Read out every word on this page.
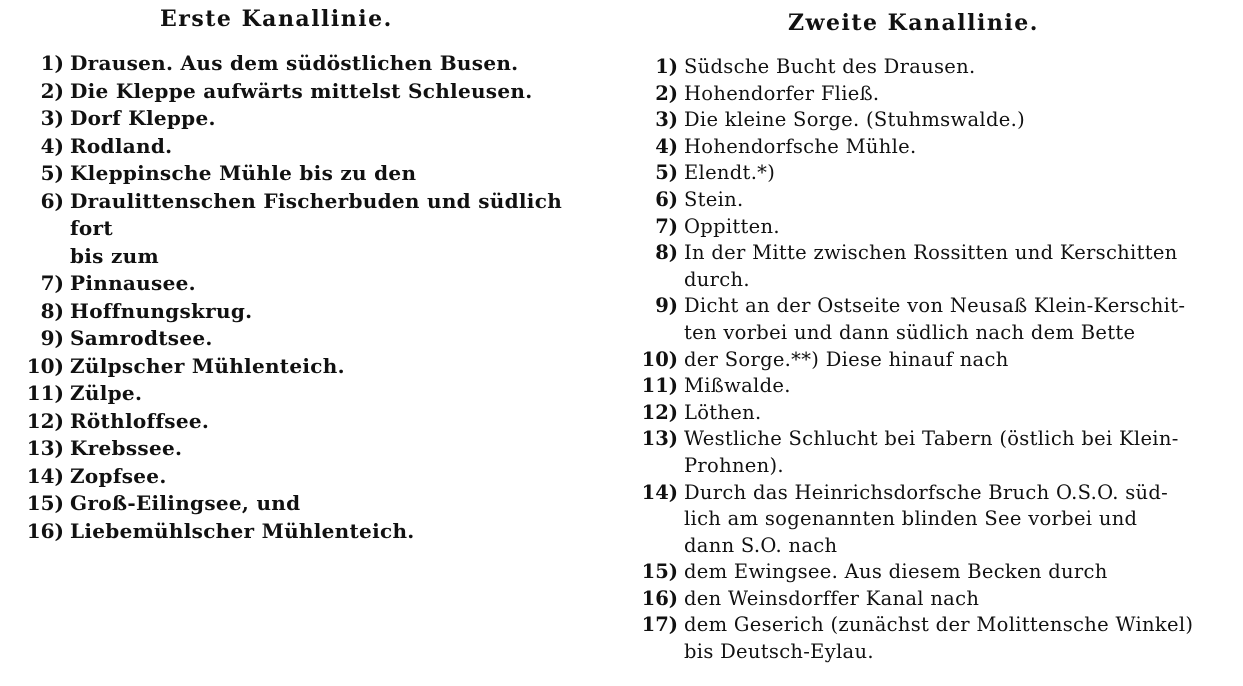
Erste Kanallinie.
1) Drausen. Aus dem südöstlichen Busen.
2) Die Kleppe aufwärts mittelst Schleusen.
3) Dorf Kleppe.
4) Rodland.
5) Kleppinsche Mühle bis zu den
6) Draulittenschen Fischerbuden und südlich fort
bis zum
7) Pinnausee.
8) Hoffnungskrug.
9) Samrodtsee.
10) Zülpscher Mühlenteich.
11) Zülpe.
12) Röthloffsee.
13) Krebssee.
14) Zopfsee.
15) Groß-Eilingsee, und
16) Liebemühlscher Mühlenteich.
Zweite Kanallinie.
1) Südsche Bucht des Drausen.
2) Hohendorfer Fließ.
3) Die kleine Sorge. (Stuhmswalde.)
4) Hohendorfsche Mühle.
5) Elendt.*)
6) Stein.
7) Oppitten.
8) In der Mitte zwischen Rossitten und Kerschitten
durch.
9) Dicht an der Ostseite von Neusaß Klein-Kerschit-
ten vorbei und dann südlich nach dem Bette
10) der Sorge.**) Diese hinauf nach
11) Mißwalde.
12) Löthen.
13) Westliche Schlucht bei Tabern (östlich bei Klein-
Prohnen).
14) Durch das Heinrichsdorfsche Bruch O.S.O. süd-
lich am sogenannten blinden See vorbei und
dann S.O. nach
15) dem Ewingsee. Aus diesem Becken durch
16) den Weinsdorffer Kanal nach
17) dem Geserich (zunächst der Molittensche Winkel)
bis Deutsch-Eylau.
